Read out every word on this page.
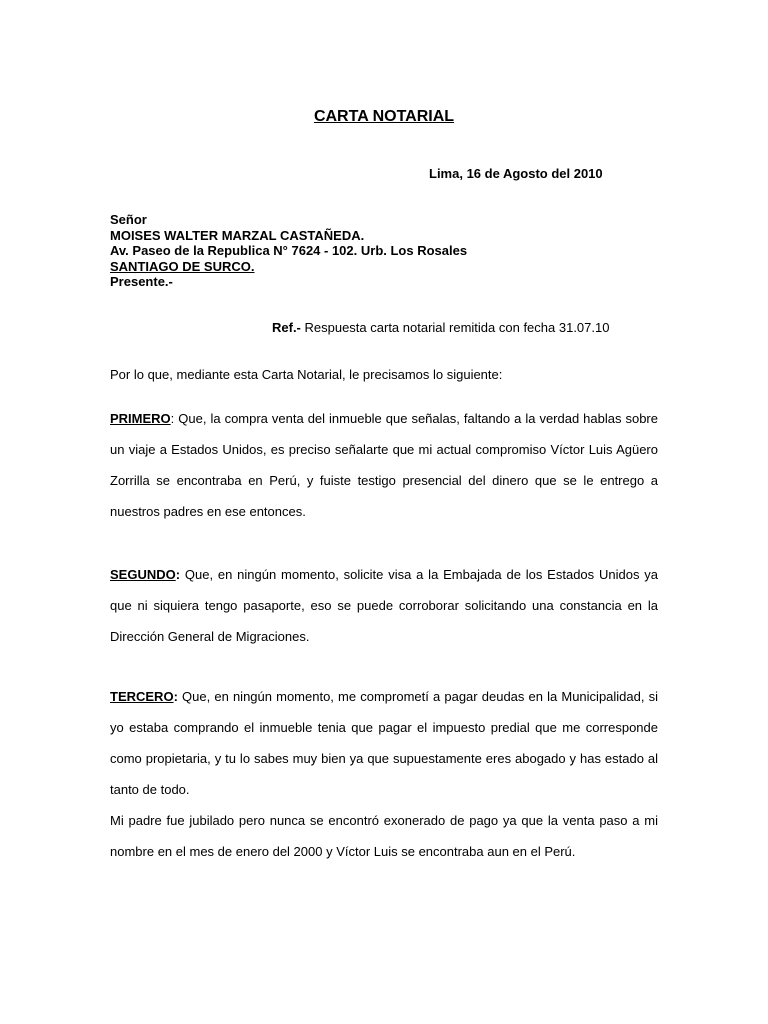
CARTA NOTARIAL
Lima, 16 de Agosto del 2010
Señor
MOISES WALTER MARZAL CASTAÑEDA.
Av. Paseo de la Republica N° 7624 - 102. Urb. Los Rosales
SANTIAGO DE SURCO.
Presente.-
Ref.- Respuesta carta notarial remitida con fecha 31.07.10
Por lo que, mediante esta Carta Notarial, le precisamos lo siguiente:
PRIMERO: Que, la compra venta del inmueble que señalas, faltando a la verdad hablas sobre un viaje a Estados Unidos, es preciso señalarte que mi actual compromiso Víctor Luis Agüero Zorrilla se encontraba en Perú, y fuiste testigo presencial del dinero que se le entrego a nuestros padres en ese entonces.
SEGUNDO: Que, en ningún momento, solicite visa a la Embajada de los Estados Unidos ya que ni siquiera tengo pasaporte, eso se puede corroborar solicitando una constancia en la Dirección General de Migraciones.
TERCERO: Que, en ningún momento, me comprometí a pagar deudas en la Municipalidad, si yo estaba comprando el inmueble tenia que pagar el impuesto predial que me corresponde como propietaria, y tu lo sabes muy bien ya que supuestamente eres abogado y has estado al tanto de todo.
Mi padre fue jubilado pero nunca se encontró exonerado de pago ya que la venta paso a mi nombre en el mes de enero del 2000 y Víctor Luis se encontraba aun en el Perú.
